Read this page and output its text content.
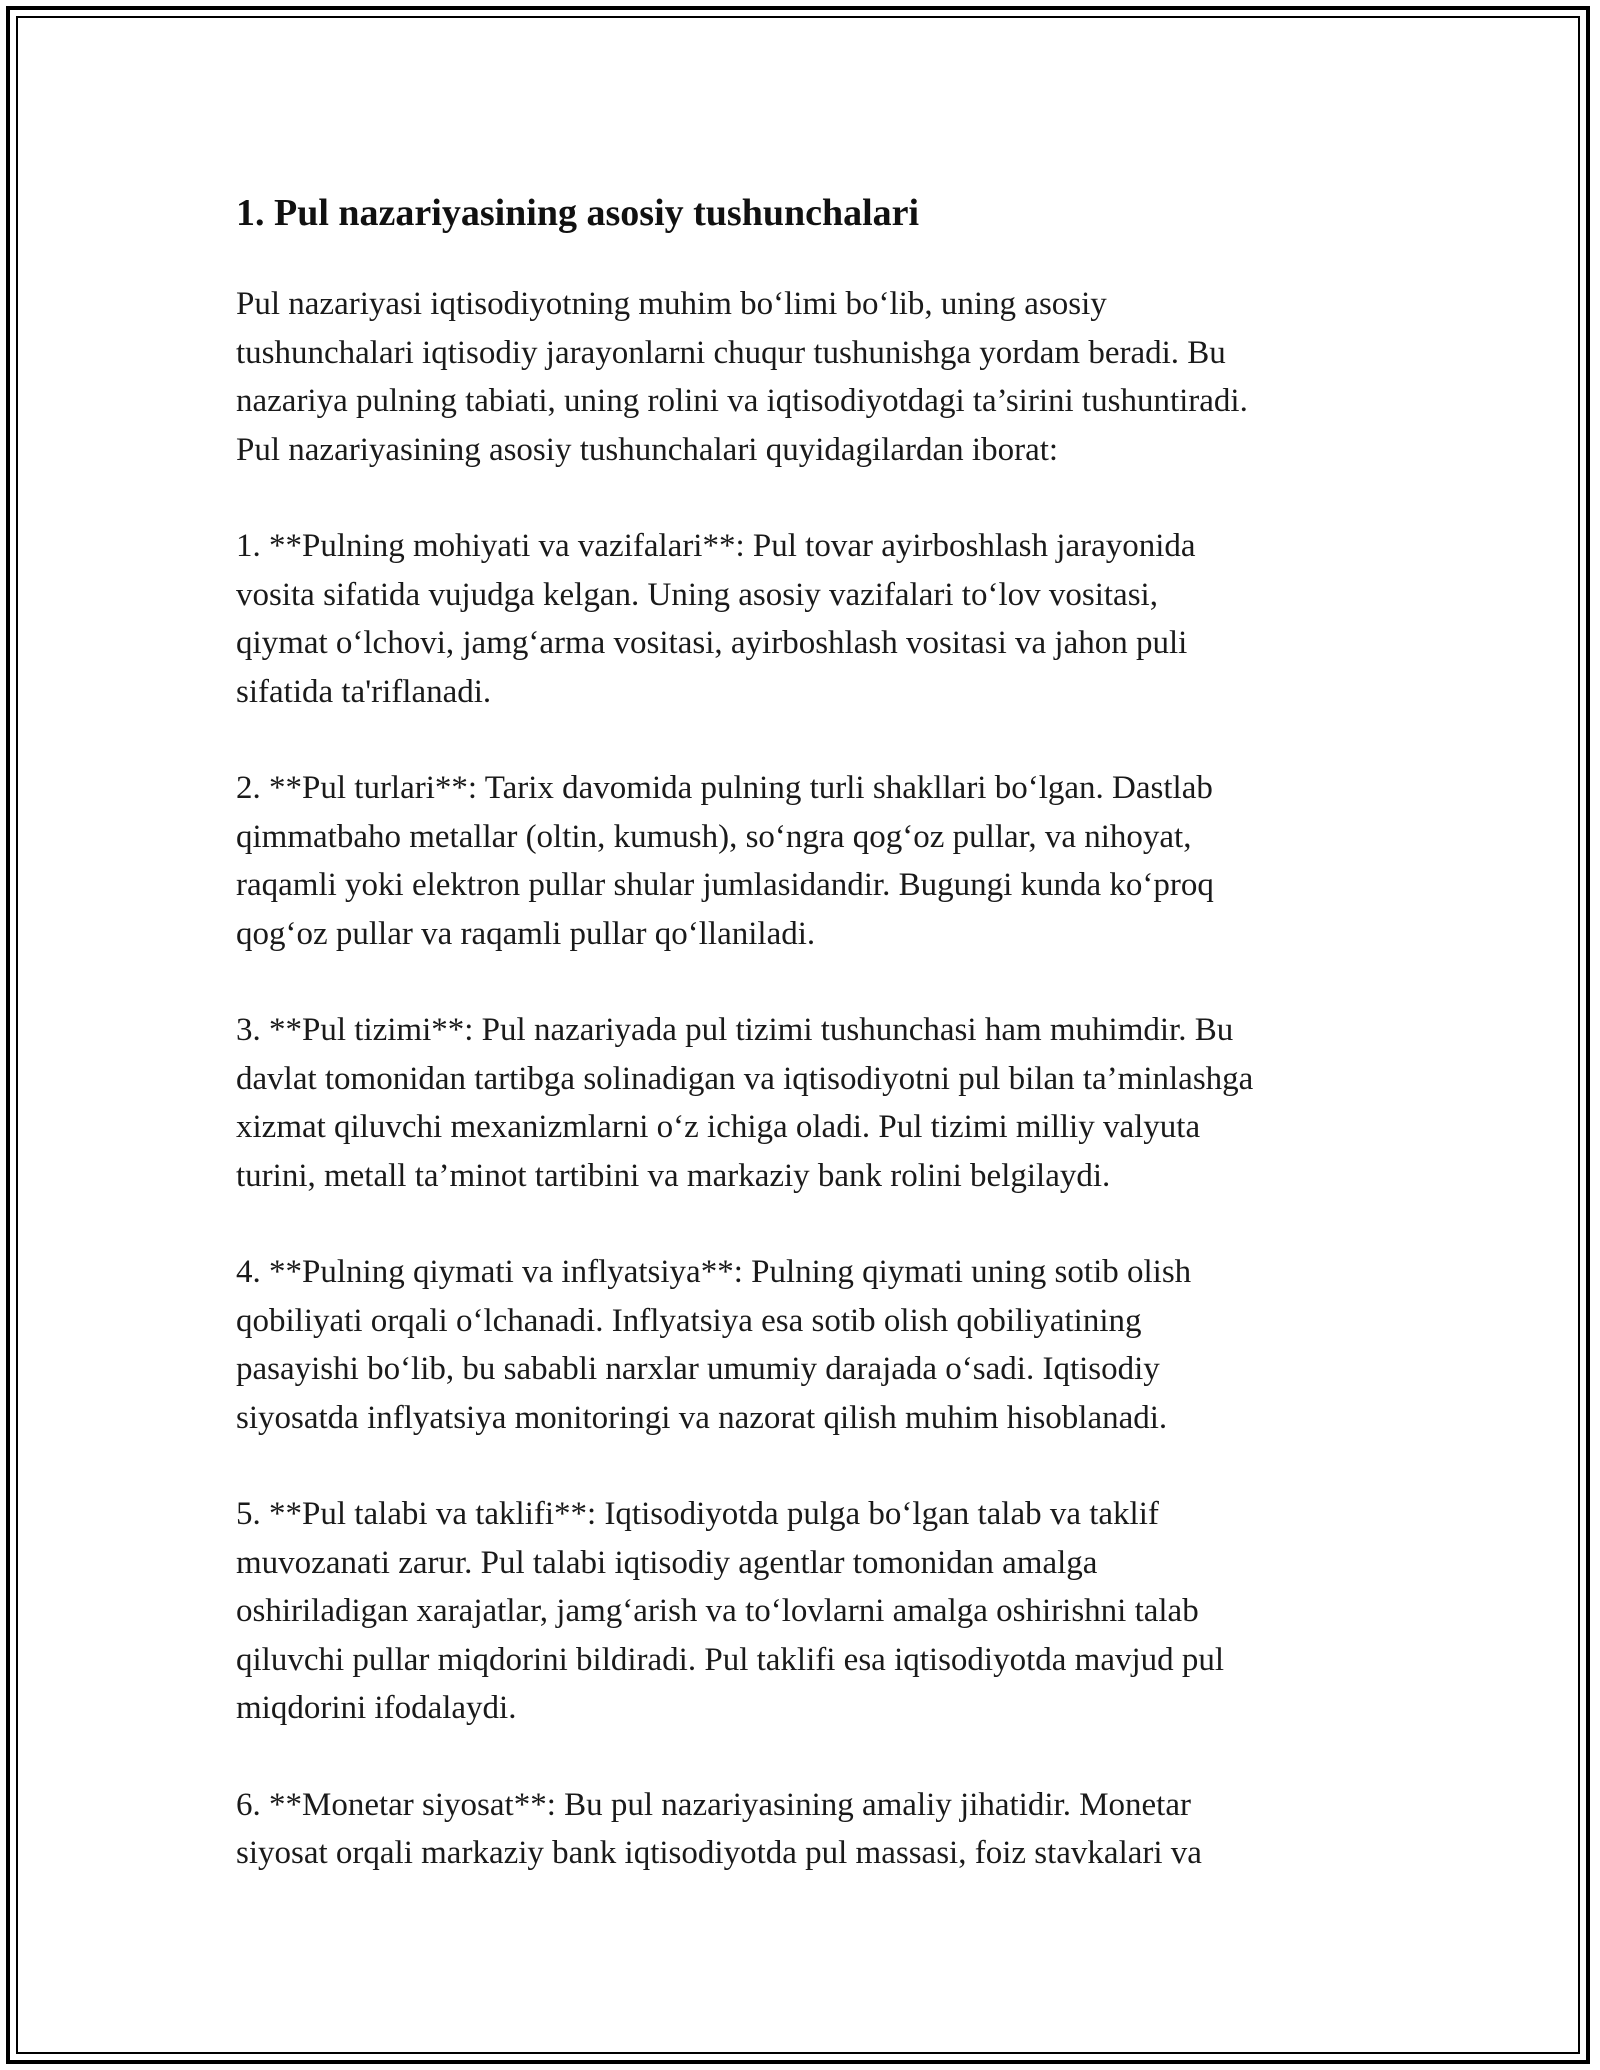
1. Pul nazariyasining asosiy tushunchalari

Pul nazariyasi iqtisodiyotning muhim bo‘limi bo‘lib, uning asosiy
tushunchalari iqtisodiy jarayonlarni chuqur tushunishga yordam beradi. Bu
nazariya pulning tabiati, uning rolini va iqtisodiyotdagi ta’sirini tushuntiradi.
Pul nazariyasining asosiy tushunchalari quyidagilardan iborat:

1. **Pulning mohiyati va vazifalari**: Pul tovar ayirboshlash jarayonida
vosita sifatida vujudga kelgan. Uning asosiy vazifalari to‘lov vositasi,
qiymat o‘lchovi, jamg‘arma vositasi, ayirboshlash vositasi va jahon puli
sifatida ta'riflanadi.

2. **Pul turlari**: Tarix davomida pulning turli shakllari bo‘lgan. Dastlab
qimmatbaho metallar (oltin, kumush), so‘ngra qog‘oz pullar, va nihoyat,
raqamli yoki elektron pullar shular jumlasidandir. Bugungi kunda ko‘proq
qog‘oz pullar va raqamli pullar qo‘llaniladi.

3. **Pul tizimi**: Pul nazariyada pul tizimi tushunchasi ham muhimdir. Bu
davlat tomonidan tartibga solinadigan va iqtisodiyotni pul bilan ta’minlashga
xizmat qiluvchi mexanizmlarni o‘z ichiga oladi. Pul tizimi milliy valyuta
turini, metall ta’minot tartibini va markaziy bank rolini belgilaydi.

4. **Pulning qiymati va inflyatsiya**: Pulning qiymati uning sotib olish
qobiliyati orqali o‘lchanadi. Inflyatsiya esa sotib olish qobiliyatining
pasayishi bo‘lib, bu sababli narxlar umumiy darajada o‘sadi. Iqtisodiy
siyosatda inflyatsiya monitoringi va nazorat qilish muhim hisoblanadi.

5. **Pul talabi va taklifi**: Iqtisodiyotda pulga bo‘lgan talab va taklif
muvozanati zarur. Pul talabi iqtisodiy agentlar tomonidan amalga
oshiriladigan xarajatlar, jamg‘arish va to‘lovlarni amalga oshirishni talab
qiluvchi pullar miqdorini bildiradi. Pul taklifi esa iqtisodiyotda mavjud pul
miqdorini ifodalaydi.

6. **Monetar siyosat**: Bu pul nazariyasining amaliy jihatidir. Monetar
siyosat orqali markaziy bank iqtisodiyotda pul massasi, foiz stavkalari va
